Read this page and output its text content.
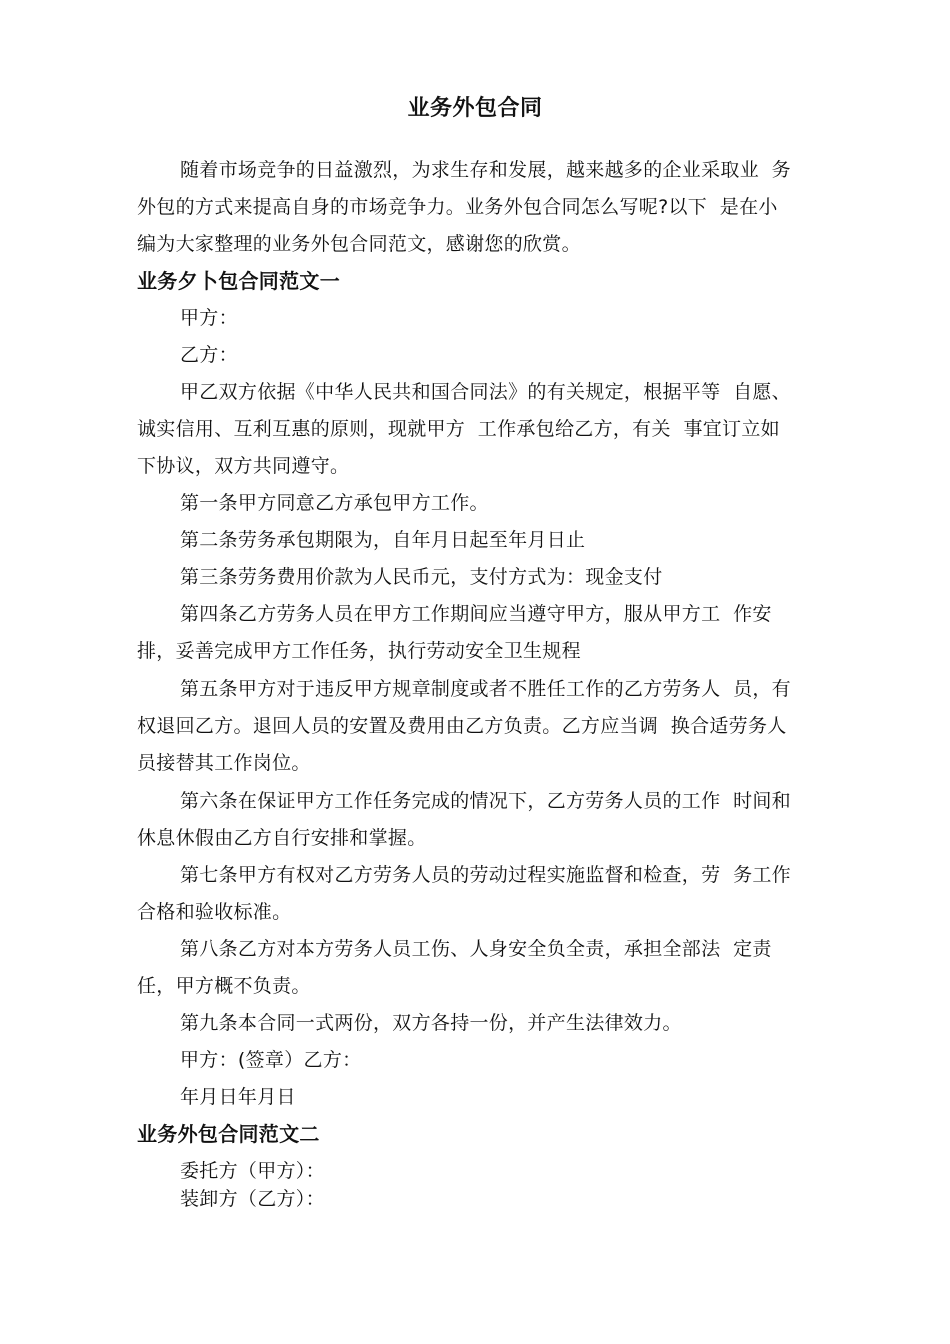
业务外包合同
随着市场竞争的日益激烈，为求生存和发展，越来越多的企业采取业  务
外包的方式来提高自身的市场竞争力。业务外包合同怎么写呢?以下  是在小
编为大家整理的业务外包合同范文，感谢您的欣赏。
业务夕卜包合同范文一
甲方：
乙方：
甲乙双方依据《中华人民共和国合同法》的有关规定，根据平等  自愿、
诚实信用、互利互惠的原则，现就甲方  工作承包给乙方，有关  事宜订立如
下协议，双方共同遵守。
第一条甲方同意乙方承包甲方工作。
第二条劳务承包期限为，自年月日起至年月日止
第三条劳务费用价款为人民币元，支付方式为：现金支付
第四条乙方劳务人员在甲方工作期间应当遵守甲方，服从甲方工  作安
排，妥善完成甲方工作任务，执行劳动安全卫生规程
第五条甲方对于违反甲方规章制度或者不胜任工作的乙方劳务人  员，有
权退回乙方。退回人员的安置及费用由乙方负责。乙方应当调  换合适劳务人
员接替其工作岗位。
第六条在保证甲方工作任务完成的情况下，乙方劳务人员的工作  时间和
休息休假由乙方自行安排和掌握。
第七条甲方有权对乙方劳务人员的劳动过程实施监督和检查，劳  务工作
合格和验收标准。
第八条乙方对本方劳务人员工伤、人身安全负全责，承担全部法  定责
任，甲方概不负责。
第九条本合同一式两份，双方各持一份，并产生法律效力。
甲方：(签章）乙方：
年月日年月日
业务外包合同范文二
委托方（甲方）：
装卸方（乙方）：
